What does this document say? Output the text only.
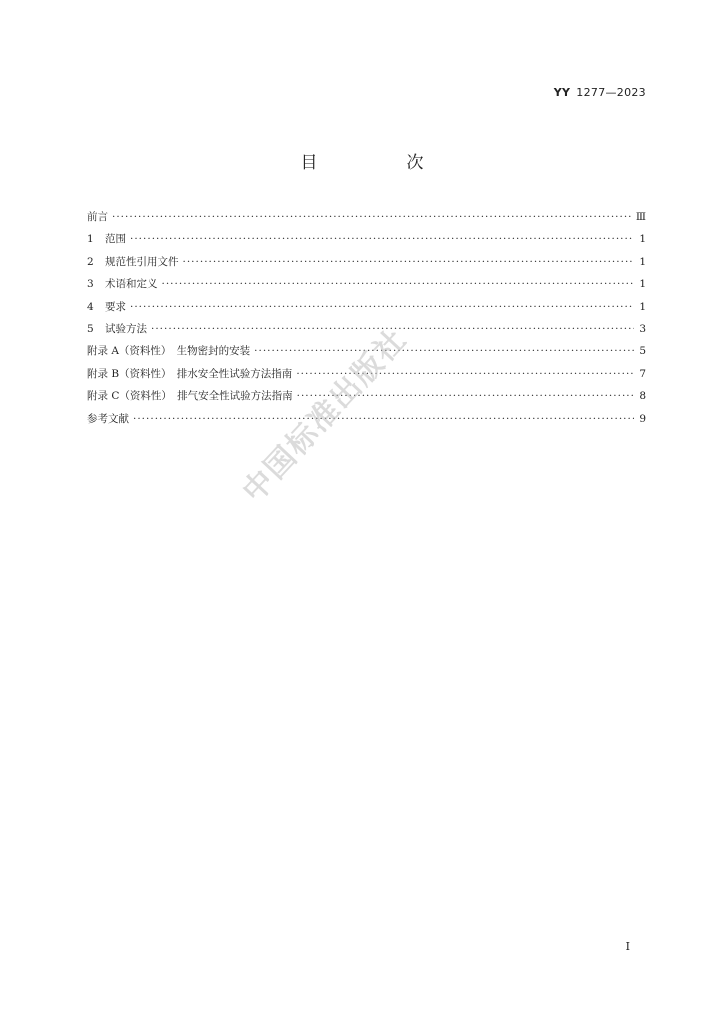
YY 1277—2023
目　次
前言 ·····	Ⅲ
1 范围 ·····	1
2 规范性引用文件 ·····	1
3 术语和定义 ·····	1
4 要求 ·····	1
5 试验方法 ·····	3
附录 A（资料性）　生物密封的安装 ·····	5
附录 B（资料性）　排水安全性试验方法指南 ·····	7
附录 C（资料性）　排气安全性试验方法指南 ·····	8
参考文献 ·····	9
中国标准出版社
I
